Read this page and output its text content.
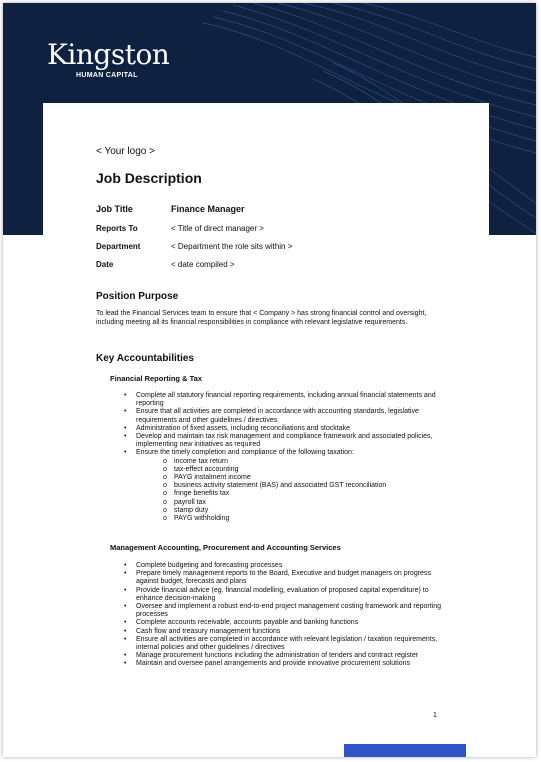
Kingston
HUMAN CAPITAL
< Your logo >
Job Description
Job Title	Finance Manager
Reports To	< Title of direct manager >
Department	< Department the role sits within >
Date	< date compiled >
Position Purpose
To lead the Financial Services team to ensure that < Company > has strong financial control and oversight, including meeting all its financial responsibilities in compliance with relevant legislative requirements.
Key Accountabilities
Financial Reporting & Tax
• Complete all statutory financial reporting requirements, including annual financial statements and reporting
• Ensure that all activities are completed in accordance with accounting standards, legislative requirements and other guidelines / directives
• Administration of fixed assets, including reconciliations and stocktake
• Develop and maintain tax risk management and compliance framework and associated policies, implementing new initiatives as required
• Ensure the timely completion and compliance of the following taxation:
o income tax return
o tax-effect accounting
o PAYG instalment income
o business activity statement (BAS) and associated GST reconciliation
o fringe benefits tax
o payroll tax
o stamp duty
o PAYG withholding
Management Accounting, Procurement and Accounting Services
• Complete budgeting and forecasting processes
• Prepare timely management reports to the Board, Executive and budget managers on progress against budget, forecasts and plans
• Provide financial advice (eg. financial modelling, evaluation of proposed capital expenditure) to enhance decision-making
• Oversee and implement a robust end-to-end project management costing framework and reporting processes
• Complete accounts receivable, accounts payable and banking functions
• Cash flow and treasury management functions
• Ensure all activities are completed in accordance with relevant legislation / taxation requirements, internal policies and other guidelines / directives
• Manage procurement functions including the administration of tenders and contract register
• Maintain and oversee panel arrangements and provide innovative procurement solutions
1
